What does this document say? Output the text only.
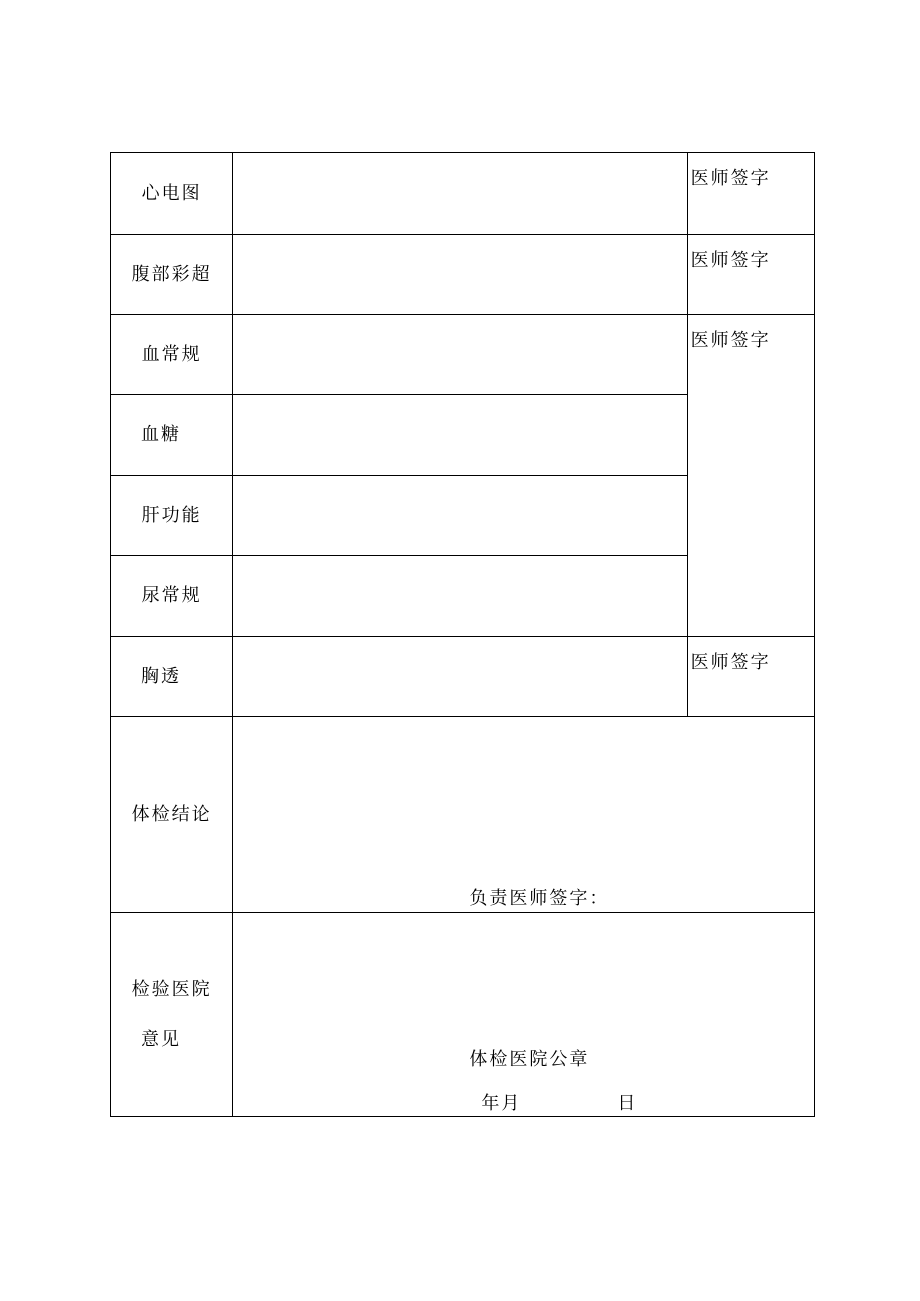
心电图		医师签字
腹部彩超		医师签字
血常规		医师签字
血糖		
肝功能		
尿常规		
胸透		医师签字
体检结论	负责医师签字：	

检验医院
意见	体检医院公章
年月 日	
